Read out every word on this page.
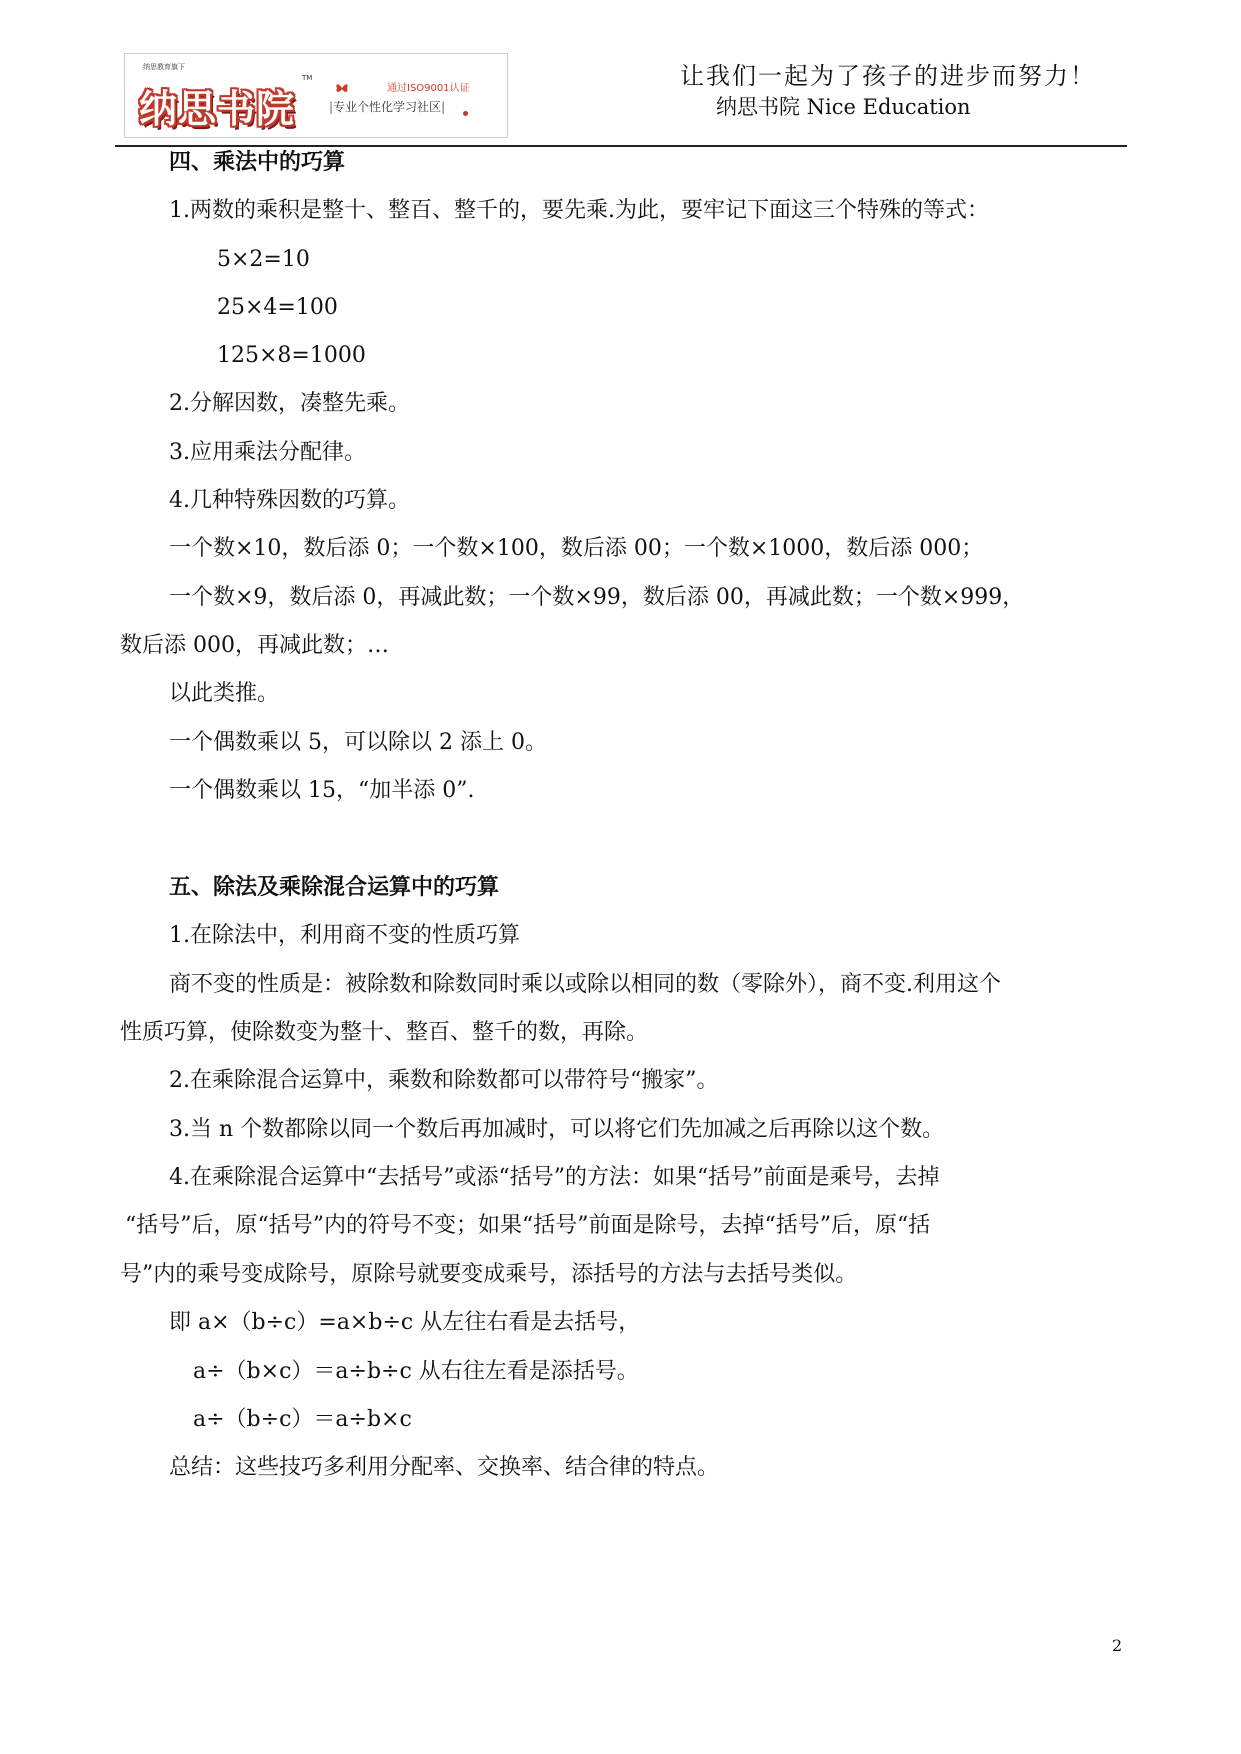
纳思教育旗下
纳思书院
TM
通过ISO9001认证
|专业个性化学习社区|
让我们一起为了孩子的进步而努力！
纳思书院 Nice Education
四、乘法中的巧算
1.两数的乘积是整十、整百、整千的，要先乘.为此，要牢记下面这三个特殊的等式：
5×2=10
25×4=100
125×8=1000
2.分解因数，凑整先乘。
3.应用乘法分配律。
4.几种特殊因数的巧算。
一个数×10，数后添 0；一个数×100，数后添 00；一个数×1000，数后添 000；
一个数×9，数后添 0，再减此数；一个数×99，数后添 00，再减此数；一个数×999，
数后添 000，再减此数；…
以此类推。
一个偶数乘以 5，可以除以 2 添上 0。
一个偶数乘以 15，“加半添 0”.
五、除法及乘除混合运算中的巧算
1.在除法中，利用商不变的性质巧算
商不变的性质是：被除数和除数同时乘以或除以相同的数（零除外），商不变.利用这个
性质巧算，使除数变为整十、整百、整千的数，再除。
2.在乘除混合运算中，乘数和除数都可以带符号“搬家”。
3.当 n 个数都除以同一个数后再加减时，可以将它们先加减之后再除以这个数。
4.在乘除混合运算中“去括号”或添“括号”的方法：如果“括号”前面是乘号，去掉
“括号”后，原“括号”内的符号不变；如果“括号”前面是除号，去掉“括号”后，原“括
号”内的乘号变成除号，原除号就要变成乘号，添括号的方法与去括号类似。
即 a×（b÷c）=a×b÷c 从左往右看是去括号，
a÷（b×c）＝a÷b÷c 从右往左看是添括号。
a÷（b÷c）＝a÷b×c
总结：这些技巧多利用分配率、交换率、结合律的特点。
2
